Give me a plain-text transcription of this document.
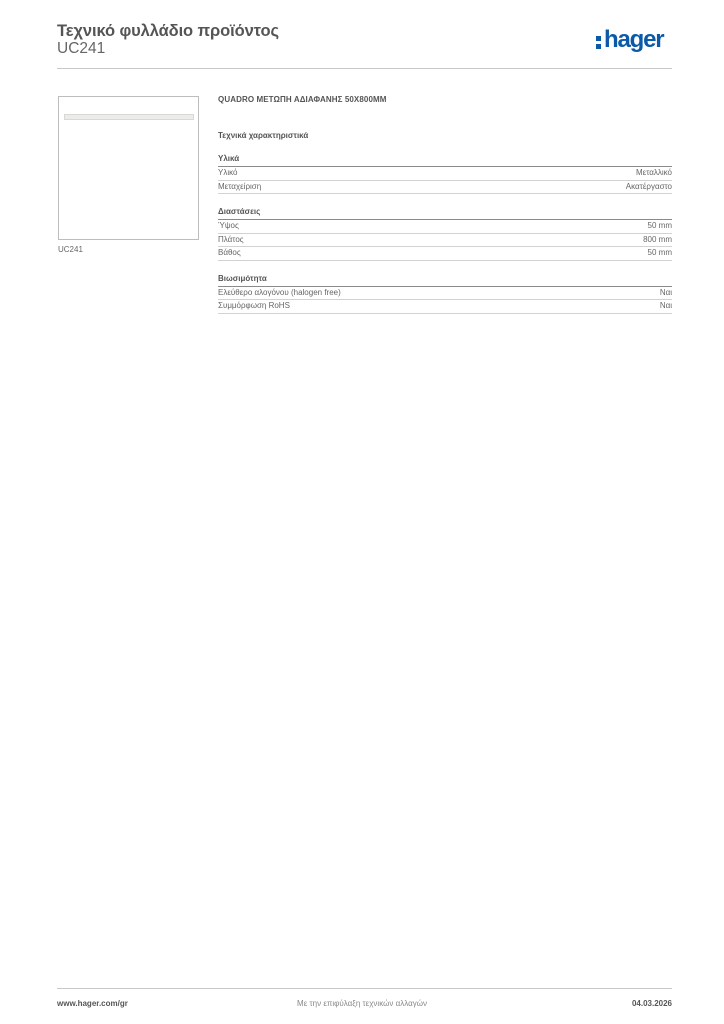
Τεχνικό φυλλάδιο προϊόντος
UC241	hager
UC241
QUADRO ΜΕΤΩΠΗ ΑΔΙΑΦΑΝΗΣ 50Χ800ΜΜ
Τεχνικά χαρακτηριστικά
Υλικά
Υλικό	Μεταλλικό
Μεταχείριση	Ακατέργαστο
Διαστάσεις
Ύψος	50 mm
Πλάτος	800 mm
Βάθος	50 mm
Βιωσιμότητα
Ελεύθερο αλογόνου (halogen free)	Ναι
Συμμόρφωση RoHS	Ναι
www.hager.com/gr	Με την επιφύλαξη τεχνικών αλλαγών	04.03.2026
